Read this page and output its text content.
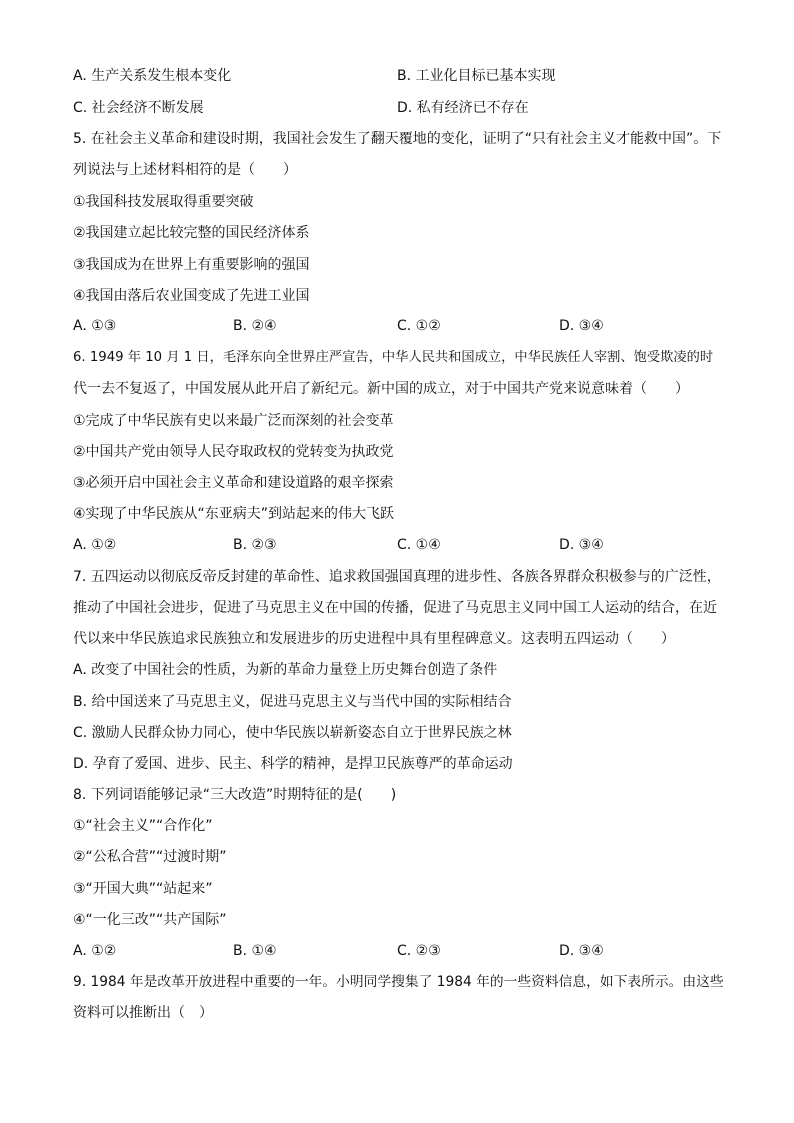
A. 生产关系发生根本变化	B. 工业化目标已基本实现
C. 社会经济不断发展	D. 私有经济已不存在
5. 在社会主义革命和建设时期，我国社会发生了翻天覆地的变化，证明了“只有社会主义才能救中国”。下
列说法与上述材料相符的是（　　）
①我国科技发展取得重要突破
②我国建立起比较完整的国民经济体系
③我国成为在世界上有重要影响的强国
④我国由落后农业国变成了先进工业国
A. ①③	B. ②④	C. ①②	D. ③④
6. 1949 年 10 月 1 日，毛泽东向全世界庄严宣告，中华人民共和国成立，中华民族任人宰割、饱受欺凌的时
代一去不复返了，中国发展从此开启了新纪元。新中国的成立，对于中国共产党来说意味着（　　）
①完成了中华民族有史以来最广泛而深刻的社会变革
②中国共产党由领导人民夺取政权的党转变为执政党
③必须开启中国社会主义革命和建设道路的艰辛探索
④实现了中华民族从“东亚病夫”到站起来的伟大飞跃
A. ①②	B. ②③	C. ①④	D. ③④
7. 五四运动以彻底反帝反封建的革命性、追求救国强国真理的进步性、各族各界群众积极参与的广泛性，
推动了中国社会进步，促进了马克思主义在中国的传播，促进了马克思主义同中国工人运动的结合，在近
代以来中华民族追求民族独立和发展进步的历史进程中具有里程碑意义。这表明五四运动（　　）
A. 改变了中国社会的性质，为新的革命力量登上历史舞台创造了条件
B. 给中国送来了马克思主义，促进马克思主义与当代中国的实际相结合
C. 激励人民群众协力同心，使中华民族以崭新姿态自立于世界民族之林
D. 孕育了爱国、进步、民主、科学的精神，是捍卫民族尊严的革命运动
8. 下列词语能够记录“三大改造”时期特征的是(　　)
①“社会主义”“合作化”
②“公私合营”“过渡时期”
③“开国大典”“站起来”
④“一化三改”“共产国际”
A. ①②	B. ①④	C. ②③	D. ③④
9. 1984 年是改革开放进程中重要的一年。小明同学搜集了 1984 年的一些资料信息，如下表所示。由这些
资料可以推断出（　）
